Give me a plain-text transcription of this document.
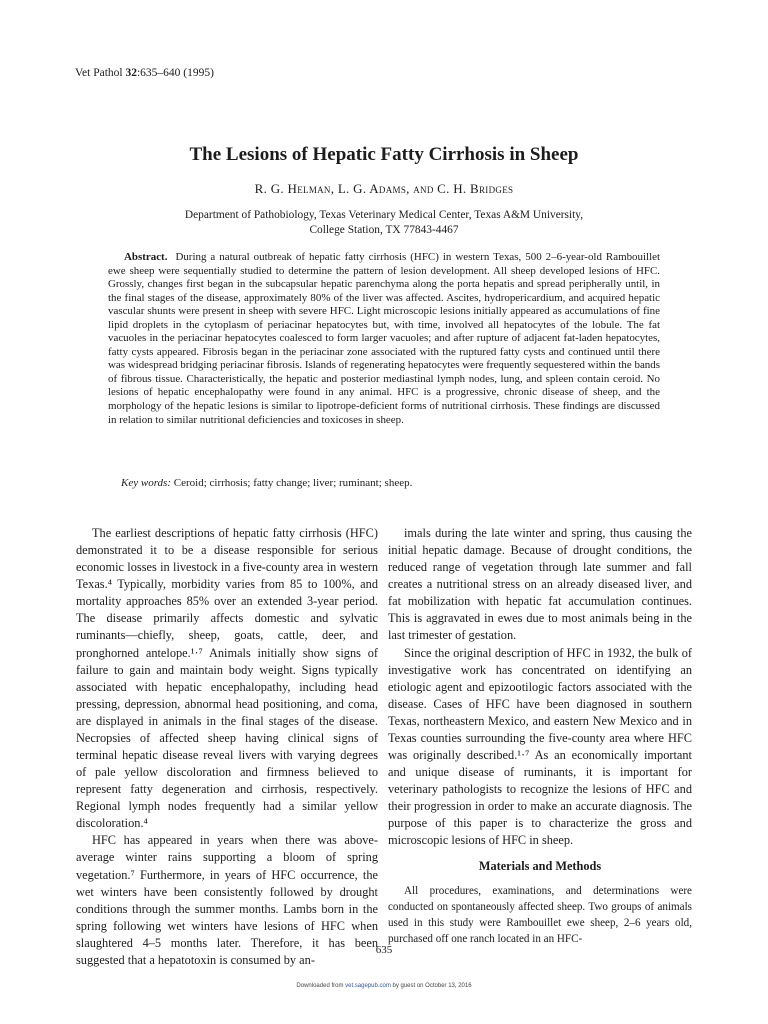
Vet Pathol 32:635–640 (1995)
The Lesions of Hepatic Fatty Cirrhosis in Sheep
R. G. Helman, L. G. Adams, and C. H. Bridges
Department of Pathobiology, Texas Veterinary Medical Center, Texas A&M University,
College Station, TX 77843-4467
Abstract. During a natural outbreak of hepatic fatty cirrhosis (HFC) in western Texas, 500 2–6-year-old Rambouillet ewe sheep were sequentially studied to determine the pattern of lesion development. All sheep developed lesions of HFC. Grossly, changes first began in the subcapsular hepatic parenchyma along the porta hepatis and spread peripherally until, in the final stages of the disease, approximately 80% of the liver was affected. Ascites, hydropericardium, and acquired hepatic vascular shunts were present in sheep with severe HFC. Light microscopic lesions initially appeared as accumulations of fine lipid droplets in the cytoplasm of periacinar hepatocytes but, with time, involved all hepatocytes of the lobule. The fat vacuoles in the periacinar hepatocytes coalesced to form larger vacuoles; and after rupture of adjacent fat-laden hepatocytes, fatty cysts appeared. Fibrosis began in the periacinar zone associated with the ruptured fatty cysts and continued until there was widespread bridging periacinar fibrosis. Islands of regenerating hepatocytes were frequently sequestered within the bands of fibrous tissue. Characteristically, the hepatic and posterior mediastinal lymph nodes, lung, and spleen contain ceroid. No lesions of hepatic encephalopathy were found in any animal. HFC is a progressive, chronic disease of sheep, and the morphology of the hepatic lesions is similar to lipotrope-deficient forms of nutritional cirrhosis. These findings are discussed in relation to similar nutritional deficiencies and toxicoses in sheep.
Key words: Ceroid; cirrhosis; fatty change; liver; ruminant; sheep.

The earliest descriptions of hepatic fatty cirrhosis (HFC) demonstrated it to be a disease responsible for serious economic losses in livestock in a five-county area in western Texas.⁴ Typically, morbidity varies from 85 to 100%, and mortality approaches 85% over an extended 3-year period. The disease primarily affects domestic and sylvatic ruminants—chiefly, sheep, goats, cattle, deer, and pronghorned antelope.¹·⁷ Animals initially show signs of failure to gain and maintain body weight. Signs typically associated with hepatic encephalopathy, including head pressing, depression, abnormal head positioning, and coma, are displayed in animals in the final stages of the disease. Necropsies of affected sheep having clinical signs of terminal hepatic disease reveal livers with varying degrees of pale yellow discoloration and firmness believed to represent fatty degeneration and cirrhosis, respectively. Regional lymph nodes frequently had a similar yellow discoloration.⁴

HFC has appeared in years when there was above-average winter rains supporting a bloom of spring vegetation.⁷ Furthermore, in years of HFC occurrence, the wet winters have been consistently followed by drought conditions through the summer months. Lambs born in the spring following wet winters have lesions of HFC when slaughtered 4–5 months later. Therefore, it has been suggested that a hepatotoxin is consumed by an-

imals during the late winter and spring, thus causing the initial hepatic damage. Because of drought conditions, the reduced range of vegetation through late summer and fall creates a nutritional stress on an already diseased liver, and fat mobilization with hepatic fat accumulation continues. This is aggravated in ewes due to most animals being in the last trimester of gestation.

Since the original description of HFC in 1932, the bulk of investigative work has concentrated on identifying an etiologic agent and epizootilogic factors associated with the disease. Cases of HFC have been diagnosed in southern Texas, northeastern Mexico, and eastern New Mexico and in Texas counties surrounding the five-county area where HFC was originally described.¹·⁷ As an economically important and unique disease of ruminants, it is important for veterinary pathologists to recognize the lesions of HFC and their progression in order to make an accurate diagnosis. The purpose of this paper is to characterize the gross and microscopic lesions of HFC in sheep.

Materials and Methods

All procedures, examinations, and determinations were conducted on spontaneously affected sheep. Two groups of animals used in this study were Rambouillet ewe sheep, 2–6 years old, purchased off one ranch located in an HFC-

635
Downloaded from vet.sagepub.com by guest on October 13, 2016
